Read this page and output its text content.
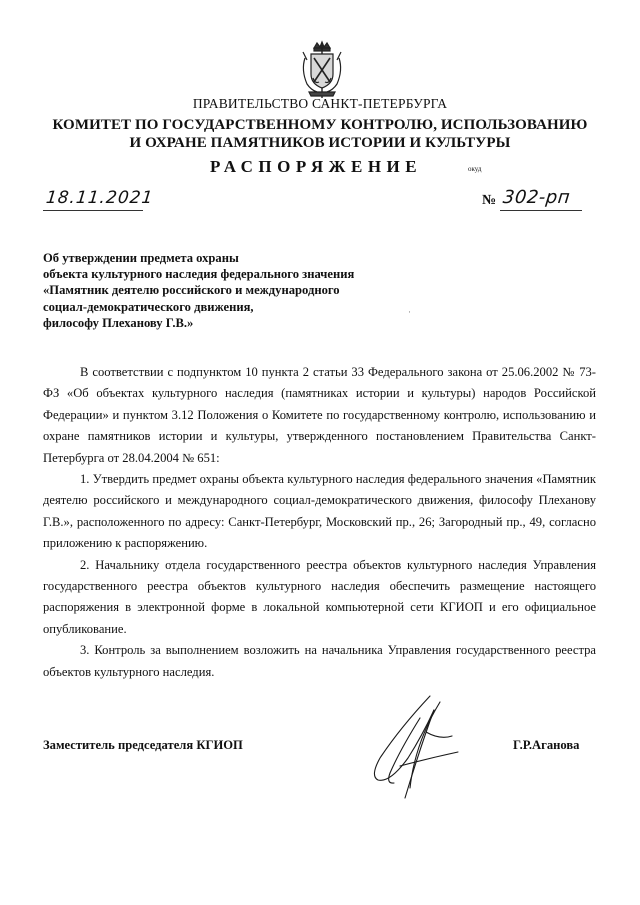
ПРАВИТЕЛЬСТВО САНКТ-ПЕТЕРБУРГА
КОМИТЕТ ПО ГОСУДАРСТВЕННОМУ КОНТРОЛЮ, ИСПОЛЬЗОВАНИЮ
И ОХРАНЕ ПАМЯТНИКОВ ИСТОРИИ И КУЛЬТУРЫ
РАСПОРЯЖЕНИЕ	окуд
18.11.2021	№ 302-рп
Об утверждении предмета охраны
объекта культурного наследия федерального значения
«Памятник деятелю российского и международного
социал-демократического движения,
философу Плеханову Г.В.»
·

В соответствии с подпунктом 10 пункта 2 статьи 33 Федерального закона от 25.06.2002 № 73-ФЗ «Об объектах культурного наследия (памятниках истории и культуры) народов Российской Федерации» и пунктом 3.12 Положения о Комитете по государственному контролю, использованию и охране памятников истории и культуры, утвержденного постановлением Правительства Санкт-Петербурга от 28.04.2004 № 651:

1. Утвердить предмет охраны объекта культурного наследия федерального значения «Памятник деятелю российского и международного социал-демократического движения, философу Плеханову Г.В.», расположенного по адресу: Санкт-Петербург, Московский пр., 26; Загородный пр., 49, согласно приложению к распоряжению.

2. Начальнику отдела государственного реестра объектов культурного наследия Управления государственного реестра объектов культурного наследия обеспечить размещение настоящего распоряжения в электронной форме в локальной компьютерной сети КГИОП и его официальное опубликование.

3. Контроль за выполнением возложить на начальника Управления государственного реестра объектов культурного наследия.

Заместитель председателя КГИОП	Г.Р.Аганова
